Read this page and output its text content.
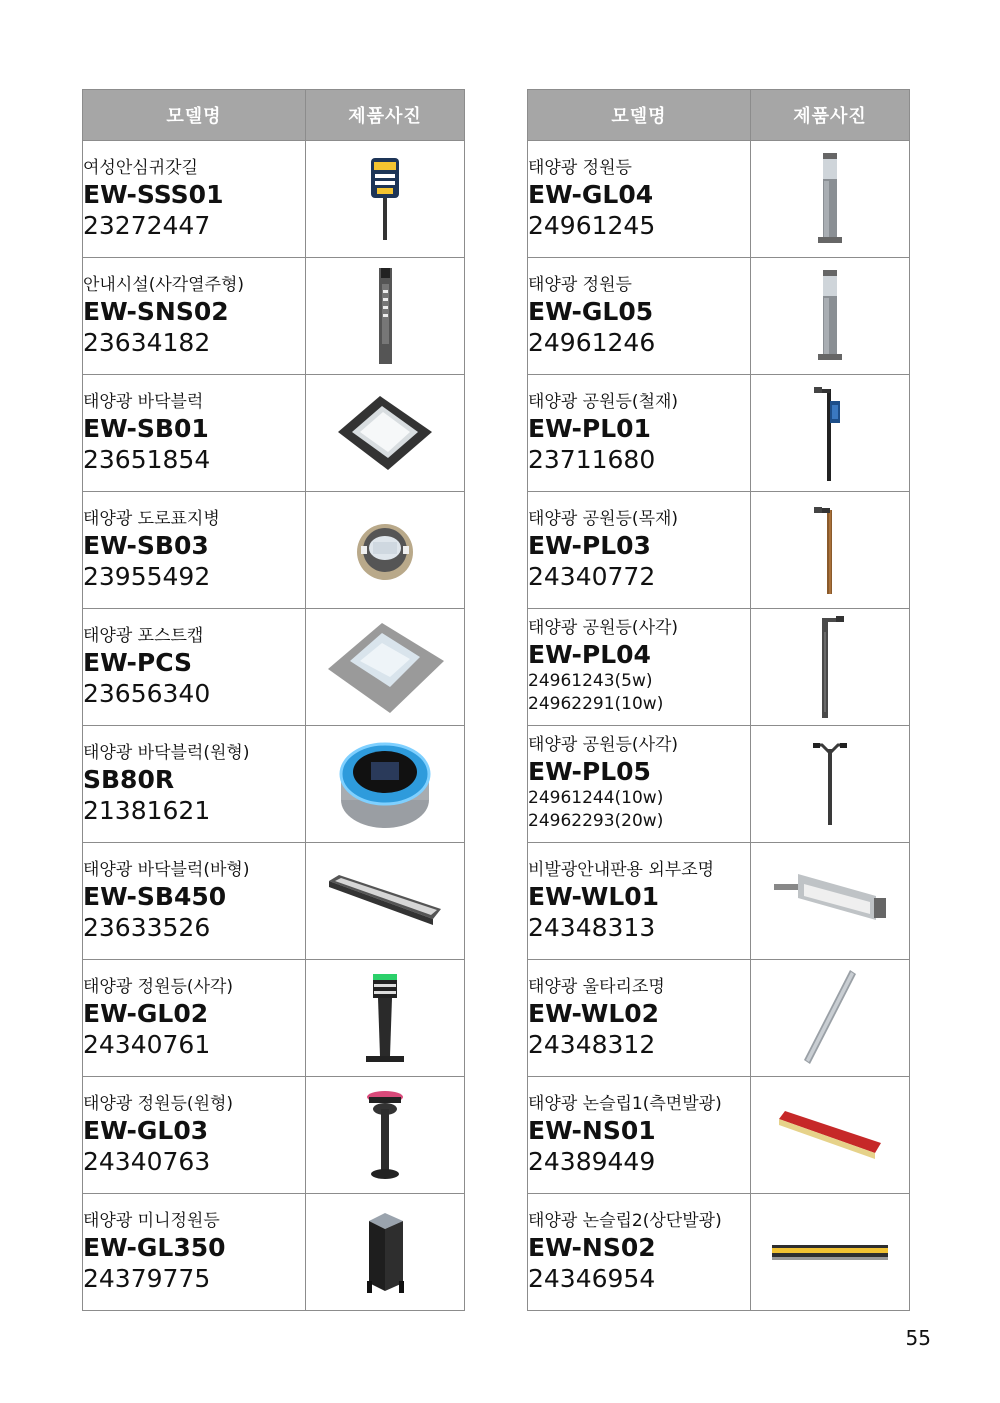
모델명	제품사진

여성안심귀갓길
EW-SSS01
23272447

안내시설(사각열주형)
EW-SNS02
23634182

태양광 바닥블럭
EW-SB01
23651854

태양광 도로표지병
EW-SB03
23955492

태양광 포스트캡
EW-PCS
23656340

태양광 바닥블럭(원형)
SB80R
21381621

태양광 바닥블럭(바형)
EW-SB450
23633526

태양광 정원등(사각)
EW-GL02
24340761

태양광 정원등(원형)
EW-GL03
24340763

태양광 미니정원등
EW-GL350
24379775

모델명	제품사진

태양광 정원등
EW-GL04
24961245

태양광 정원등
EW-GL05
24961246

태양광 공원등(철재)
EW-PL01
23711680

태양광 공원등(목재)
EW-PL03
24340772

태양광 공원등(사각)
EW-PL04
24961243(5w)
24962291(10w)

태양광 공원등(사각)
EW-PL05
24961244(10w)
24962293(20w)

비발광안내판용 외부조명
EW-WL01
24348313

태양광 울타리조명
EW-WL02
24348312

태양광 논슬립1(측면발광)
EW-NS01
24389449

태양광 논슬립2(상단발광)
EW-NS02
24346954

55
